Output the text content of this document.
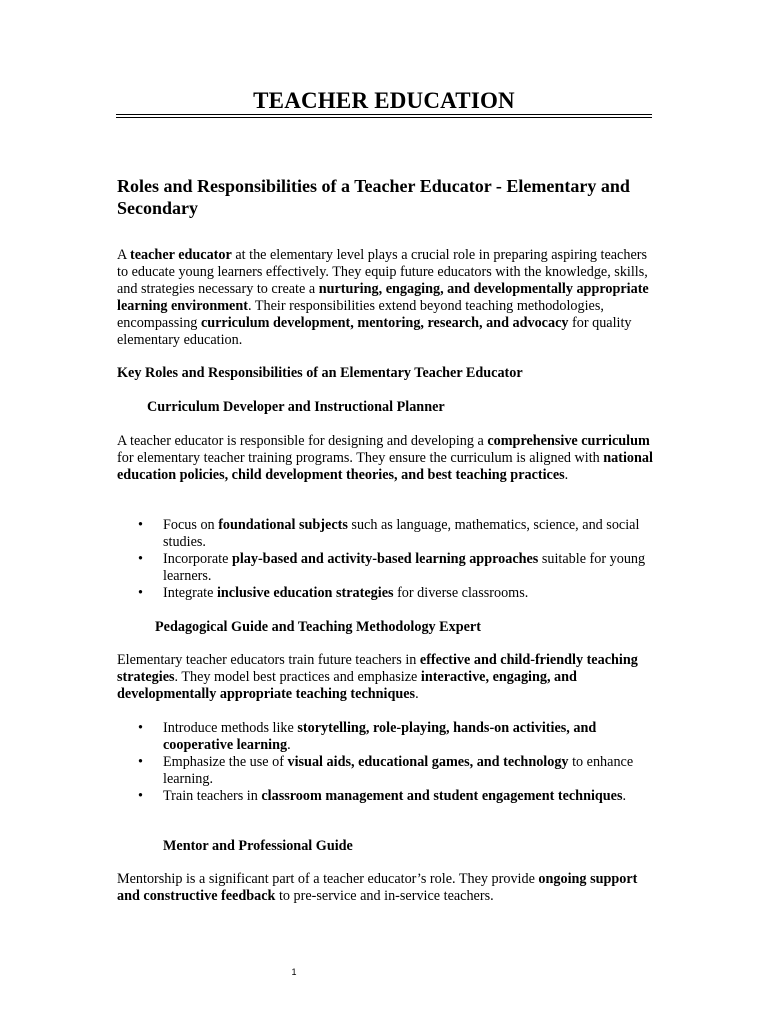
TEACHER EDUCATION
Roles and Responsibilities of a Teacher Educator - Elementary and Secondary

A teacher educator at the elementary level plays a crucial role in preparing aspiring teachers to educate young learners effectively. They equip future educators with the knowledge, skills, and strategies necessary to create a nurturing, engaging, and developmentally appropriate learning environment. Their responsibilities extend beyond teaching methodologies, encompassing curriculum development, mentoring, research, and advocacy for quality elementary education.

Key Roles and Responsibilities of an Elementary Teacher Educator
Curriculum Developer and Instructional Planner

A teacher educator is responsible for designing and developing a comprehensive curriculum for elementary teacher training programs. They ensure the curriculum is aligned with national education policies, child development theories, and best teaching practices.

• Focus on foundational subjects such as language, mathematics, science, and social studies.
• Incorporate play-based and activity-based learning approaches suitable for young learners.
• Integrate inclusive education strategies for diverse classrooms.
Pedagogical Guide and Teaching Methodology Expert

Elementary teacher educators train future teachers in effective and child-friendly teaching strategies. They model best practices and emphasize interactive, engaging, and developmentally appropriate teaching techniques.

• Introduce methods like storytelling, role-playing, hands-on activities, and cooperative learning.
• Emphasize the use of visual aids, educational games, and technology to enhance learning.
• Train teachers in classroom management and student engagement techniques.
Mentor and Professional Guide

Mentorship is a significant part of a teacher educator’s role. They provide ongoing support and constructive feedback to pre-service and in-service teachers.

1
